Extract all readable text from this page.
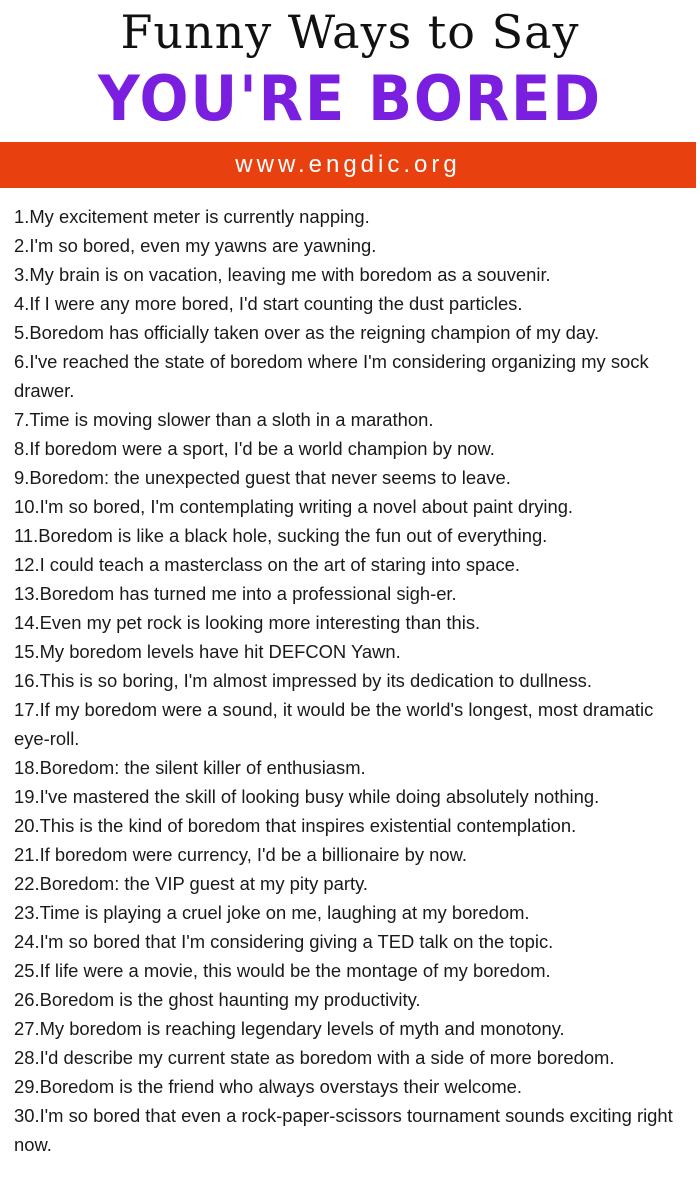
Funny Ways to Say
YOU'RE BORED
www.engdic.org
1.My excitement meter is currently napping.
2.I'm so bored, even my yawns are yawning.
3.My brain is on vacation, leaving me with boredom as a souvenir.
4.If I were any more bored, I'd start counting the dust particles.
5.Boredom has officially taken over as the reigning champion of my day.
6.I've reached the state of boredom where I'm considering organizing my sock drawer.
7.Time is moving slower than a sloth in a marathon.
8.If boredom were a sport, I'd be a world champion by now.
9.Boredom: the unexpected guest that never seems to leave.
10.I'm so bored, I'm contemplating writing a novel about paint drying.
11.Boredom is like a black hole, sucking the fun out of everything.
12.I could teach a masterclass on the art of staring into space.
13.Boredom has turned me into a professional sigh-er.
14.Even my pet rock is looking more interesting than this.
15.My boredom levels have hit DEFCON Yawn.
16.This is so boring, I'm almost impressed by its dedication to dullness.
17.If my boredom were a sound, it would be the world's longest, most dramatic eye-roll.
18.Boredom: the silent killer of enthusiasm.
19.I've mastered the skill of looking busy while doing absolutely nothing.
20.This is the kind of boredom that inspires existential contemplation.
21.If boredom were currency, I'd be a billionaire by now.
22.Boredom: the VIP guest at my pity party.
23.Time is playing a cruel joke on me, laughing at my boredom.
24.I'm so bored that I'm considering giving a TED talk on the topic.
25.If life were a movie, this would be the montage of my boredom.
26.Boredom is the ghost haunting my productivity.
27.My boredom is reaching legendary levels of myth and monotony.
28.I'd describe my current state as boredom with a side of more boredom.
29.Boredom is the friend who always overstays their welcome.
30.I'm so bored that even a rock-paper-scissors tournament sounds exciting right now.
